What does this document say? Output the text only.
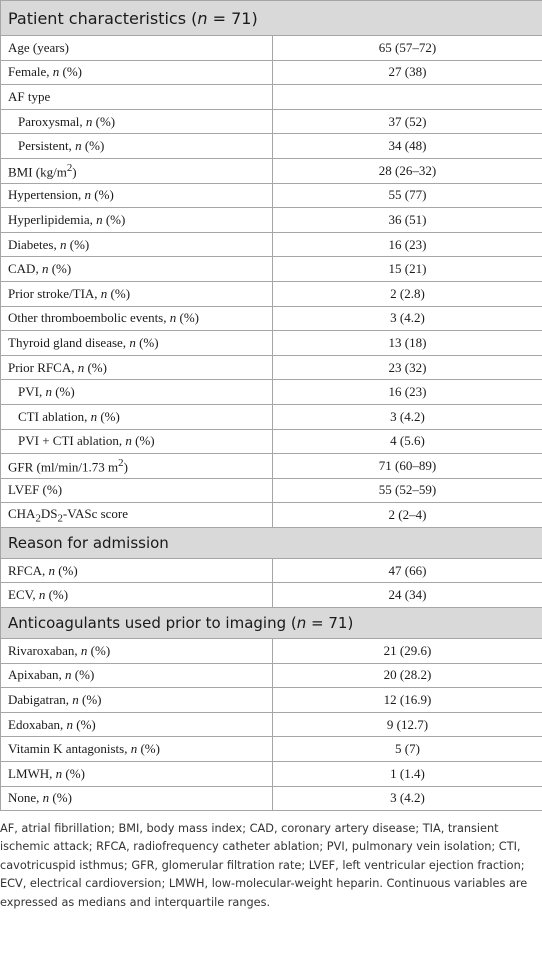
Patient characteristics (n = 71)	
Age (years)	65 (57–72)
Female, n (%)	27 (38)
AF type	
Paroxysmal, n (%)	37 (52)
Persistent, n (%)	34 (48)
BMI $(kg/m^2)$	28 (26–32)
Hypertension, n (%)	55 (77)
Hyperlipidemia, n (%)	36 (51)
Diabetes, n (%)	16 (23)
CAD, n (%)	15 (21)
Prior stroke/TIA, n (%)	2 (2.8)
Other thromboembolic events, n (%)	3 (4.2)
Thyroid gland disease, n (%)	13 (18)
Prior RFCA, n (%)	23 (32)
PVI, n (%)	16 (23)
CTI ablation, n (%)	3 (4.2)
PVI + CTI ablation, n (%)	4 (5.6)
GFR (ml/min/1.73 $m^2$)	71 (60–89)
LVEF (%)	55 (52–59)
$CHA_2DS_2$-VASc score	2 (2–4)
Reason for admission	
RFCA, n (%)	47 (66)
ECV, n (%)	24 (34)
Anticoagulants used prior to imaging (n = 71)	
Rivaroxaban, n (%)	21 (29.6)
Apixaban, n (%)	20 (28.2)
Dabigatran, n (%)	12 (16.9)
Edoxaban, n (%)	9 (12.7)
Vitamin K antagonists, n (%)	5 (7)
LMWH, n (%)	1 (1.4)
None, n (%)	3 (4.2)

AF, atrial fibrillation; BMI, body mass index; CAD, coronary artery disease; TIA, transient ischemic attack; RFCA, radiofrequency catheter ablation; PVI, pulmonary vein isolation; CTI, cavotricuspid isthmus; GFR, glomerular filtration rate; LVEF, left ventricular ejection fraction; ECV, electrical cardioversion; LMWH, low-molecular-weight heparin. Continuous variables are expressed as medians and interquartile ranges.
